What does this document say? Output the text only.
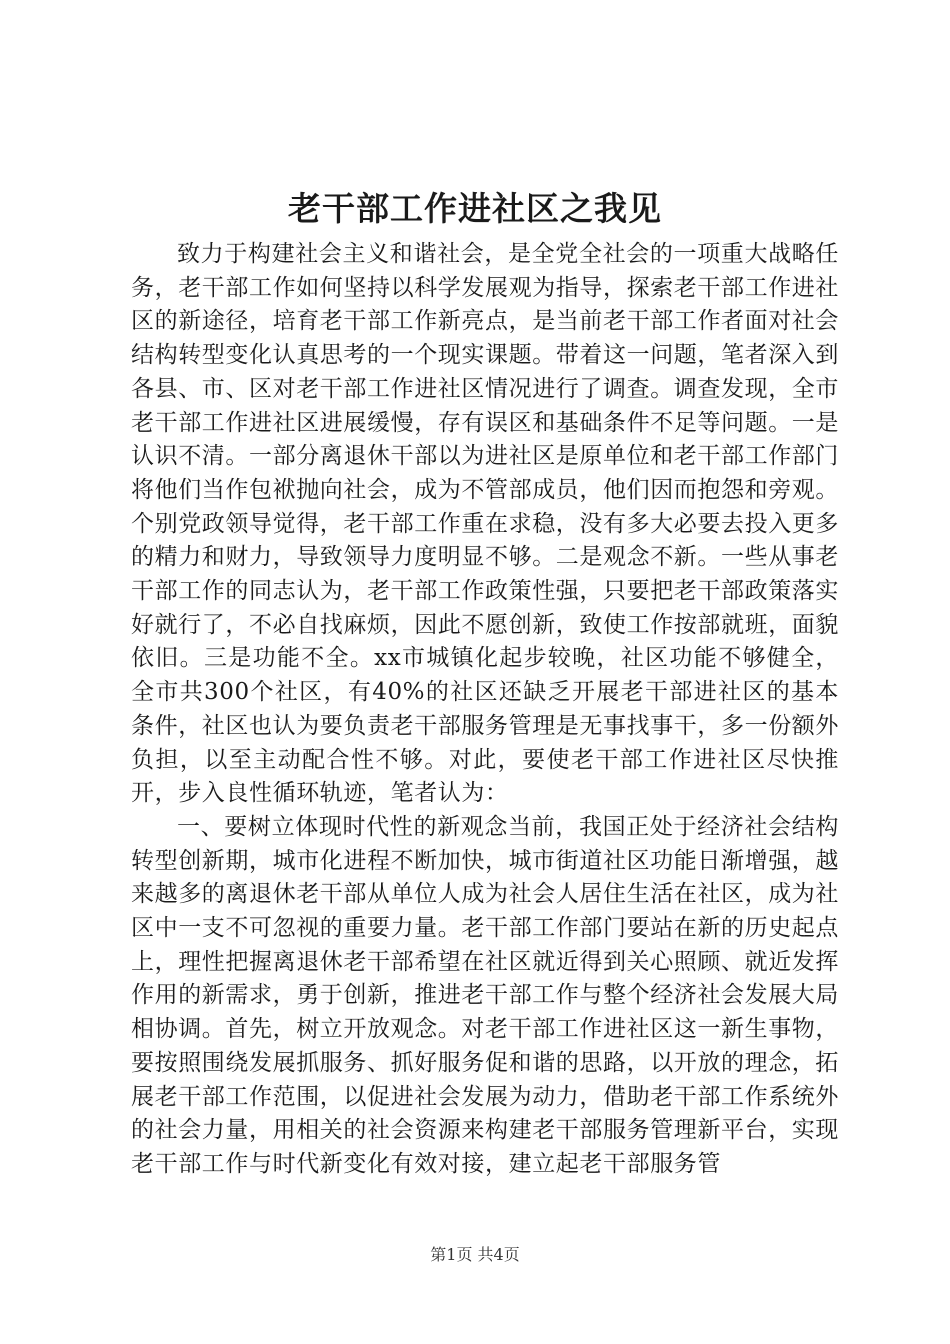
老干部工作进社区之我见

致力于构建社会主义和谐社会，是全党全社会的一项重大战略任务，老干部工作如何坚持以科学发展观为指导，探索老干部工作进社区的新途径，培育老干部工作新亮点，是当前老干部工作者面对社会结构转型变化认真思考的一个现实课题。带着这一问题，笔者深入到各县、市、区对老干部工作进社区情况进行了调查。调查发现，全市老干部工作进社区进展缓慢，存有误区和基础条件不足等问题。一是认识不清。一部分离退休干部以为进社区是原单位和老干部工作部门将他们当作包袱抛向社会，成为不管部成员，他们因而抱怨和旁观。个别党政领导觉得，老干部工作重在求稳，没有多大必要去投入更多的精力和财力，导致领导力度明显不够。二是观念不新。一些从事老干部工作的同志认为，老干部工作政策性强，只要把老干部政策落实好就行了，不必自找麻烦，因此不愿创新，致使工作按部就班，面貌依旧。三是功能不全。xx市城镇化起步较晚，社区功能不够健全，全市共300个社区，有40%的社区还缺乏开展老干部进社区的基本条件，社区也认为要负责老干部服务管理是无事找事干，多一份额外负担，以至主动配合性不够。对此，要使老干部工作进社区尽快推开，步入良性循环轨迹，笔者认为：

一、要树立体现时代性的新观念当前，我国正处于经济社会结构转型创新期，城市化进程不断加快，城市街道社区功能日渐增强，越来越多的离退休老干部从单位人成为社会人居住生活在社区，成为社区中一支不可忽视的重要力量。老干部工作部门要站在新的历史起点上，理性把握离退休老干部希望在社区就近得到关心照顾、就近发挥作用的新需求，勇于创新，推进老干部工作与整个经济社会发展大局相协调。首先，树立开放观念。对老干部工作进社区这一新生事物，要按照围绕发展抓服务、抓好服务促和谐的思路，以开放的理念，拓展老干部工作范围，以促进社会发展为动力，借助老干部工作系统外的社会力量，用相关的社会资源来构建老干部服务管理新平台，实现老干部工作与时代新变化有效对接，建立起老干部服务管

第1页 共4页
